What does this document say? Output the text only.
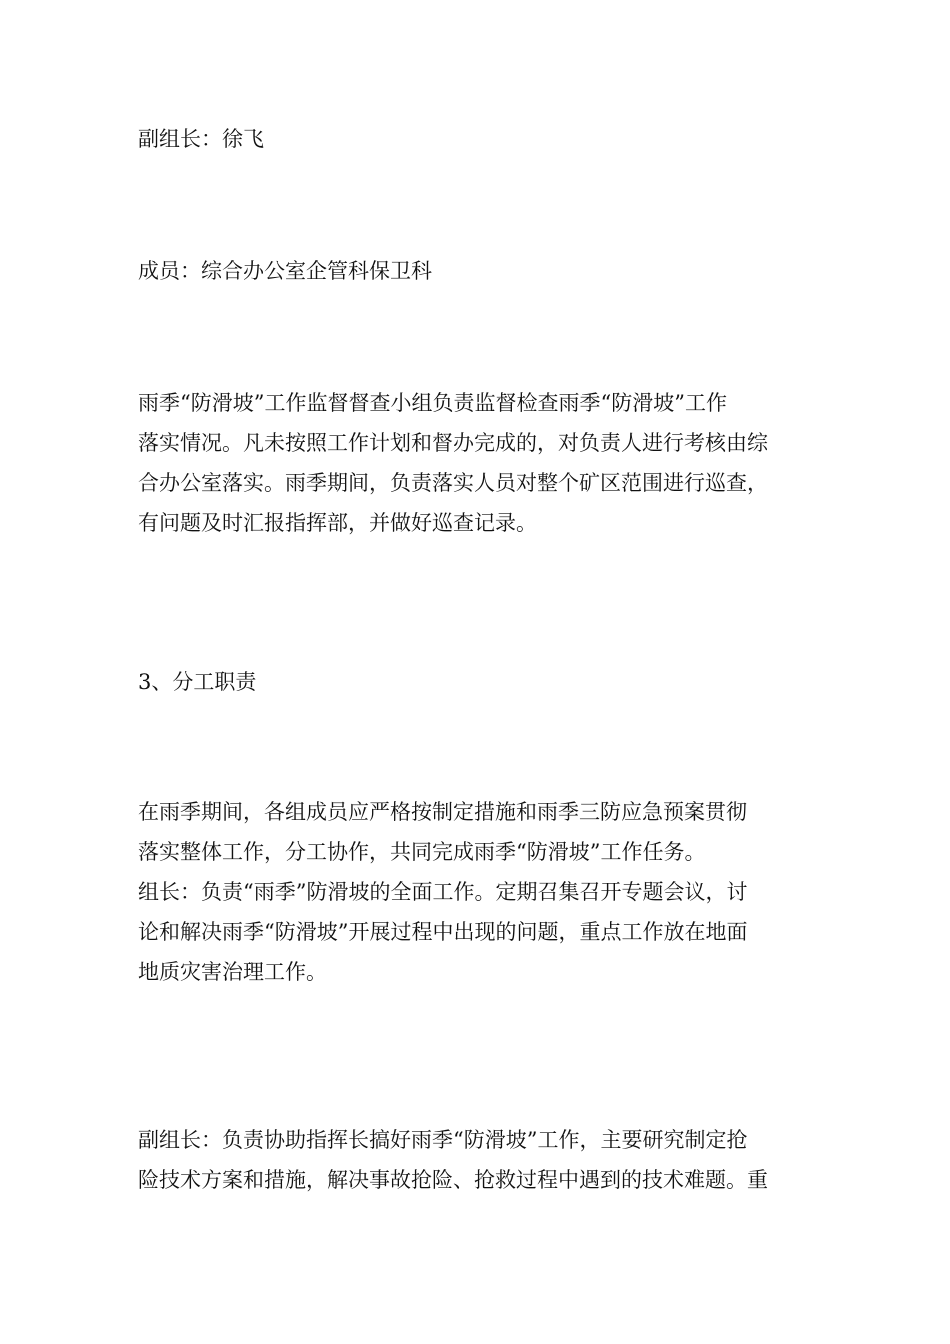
副组长：徐飞

成员：综合办公室企管科保卫科

雨季“防滑坡”工作监督督查小组负责监督检查雨季“防滑坡”工作
落实情况。凡未按照工作计划和督办完成的，对负责人进行考核由综
合办公室落实。雨季期间，负责落实人员对整个矿区范围进行巡查，
有问题及时汇报指挥部，并做好巡查记录。

3、分工职责

在雨季期间，各组成员应严格按制定措施和雨季三防应急预案贯彻
落实整体工作，分工协作，共同完成雨季“防滑坡”工作任务。
组长：负责“雨季”防滑坡的全面工作。定期召集召开专题会议，讨
论和解决雨季“防滑坡”开展过程中出现的问题，重点工作放在地面
地质灾害治理工作。

副组长：负责协助指挥长搞好雨季“防滑坡”工作，主要研究制定抢
险技术方案和措施，解决事故抢险、抢救过程中遇到的技术难题。重
